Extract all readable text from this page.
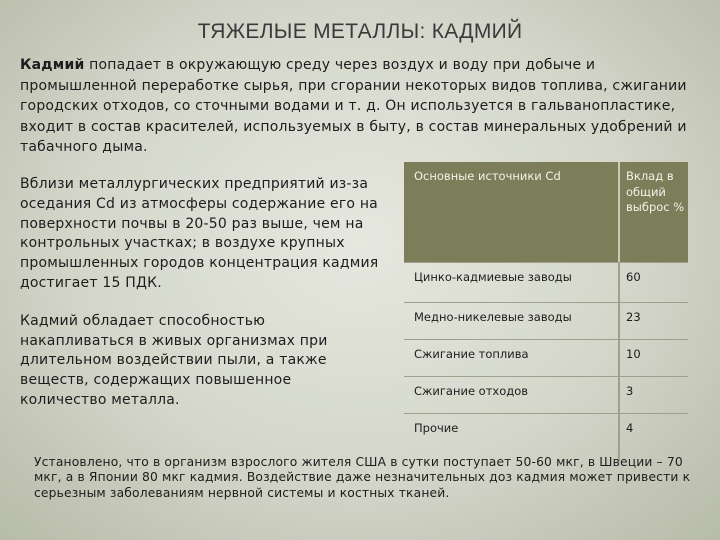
ТЯЖЕЛЫЕ МЕТАЛЛЫ: КАДМИЙ
Кадмий попадает в окружающую среду через воздух и воду при добыче и промышленной переработке сырья, при сгорании некоторых видов топлива, сжигании городских отходов, со сточными водами и т. д. Он используется в гальванопластике, входит в состав красителей, используемых в быту, в состав минеральных удобрений и табачного дыма.

Вблизи металлургических предприятий из-за оседания Cd из атмосферы содержание его на поверхности почвы в 20-50 раз выше, чем на контрольных участках; в воздухе крупных промышленных городов концентрация кадмия достигает 15 ПДК.

Кадмий обладает способностью накапливаться в живых организмах при длительном воздействии пыли, а также веществ, содержащих повышенное количество металла.

Основные источники Cd		Вклад в общий выброс %
Цинко-кадмиевые заводы		60
Медно-никелевые заводы		23
Сжигание топлива		10
Сжигание отходов		3
Прочие		4
Установлено, что в организм взрослого жителя США в сутки поступает 50-60 мкг, в Швеции – 70 мкг, а в Японии 80 мкг кадмия. Воздействие даже незначительных доз кадмия может привести к серьезным заболеваниям нервной системы и костных тканей.
